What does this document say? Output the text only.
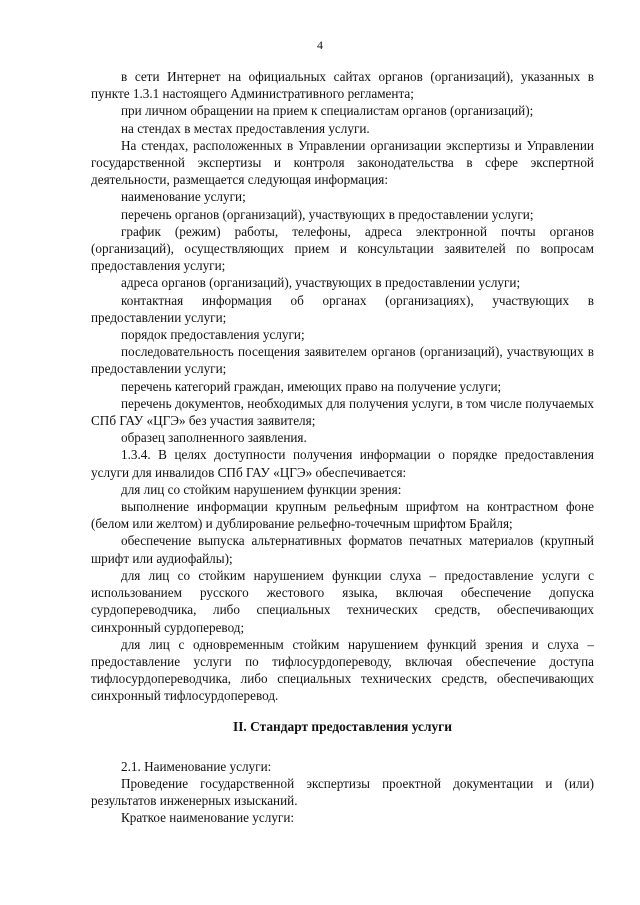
4

в сети Интернет на официальных сайтах органов (организаций), указанных в пункте 1.3.1 настоящего Административного регламента;

при личном обращении на прием к специалистам органов (организаций);

на стендах в местах предоставления услуги.

На стендах, расположенных в Управлении организации экспертизы и Управлении государственной экспертизы и контроля законодательства в сфере экспертной деятельности, размещается следующая информация:

наименование услуги;

перечень органов (организаций), участвующих в предоставлении услуги;

график (режим) работы, телефоны, адреса электронной почты органов (организаций), осуществляющих прием и консультации заявителей по вопросам предоставления услуги;

адреса органов (организаций), участвующих в предоставлении услуги;

контактная информация об органах (организациях), участвующих в предоставлении услуги;

порядок предоставления услуги;

последовательность посещения заявителем органов (организаций), участвующих в предоставлении услуги;

перечень категорий граждан, имеющих право на получение услуги;

перечень документов, необходимых для получения услуги, в том числе получаемых СПб ГАУ «ЦГЭ» без участия заявителя;

образец заполненного заявления.

1.3.4. В целях доступности получения информации о порядке предоставления услуги для инвалидов СПб ГАУ «ЦГЭ» обеспечивается:

для лиц со стойким нарушением функции зрения:

выполнение информации крупным рельефным шрифтом на контрастном фоне (белом или желтом) и дублирование рельефно-точечным шрифтом Брайля;

обеспечение выпуска альтернативных форматов печатных материалов (крупный шрифт или аудиофайлы);

для лиц со стойким нарушением функции слуха – предоставление услуги с использованием русского жестового языка, включая обеспечение допуска сурдопереводчика, либо специальных технических средств, обеспечивающих синхронный сурдоперевод;

для лиц с одновременным стойким нарушением функций зрения и слуха – предоставление услуги по тифлосурдопереводу, включая обеспечение доступа тифлосурдопереводчика, либо специальных технических средств, обеспечивающих синхронный тифлосурдоперевод.

II. Стандарт предоставления услуги

2.1. Наименование услуги:

Проведение государственной экспертизы проектной документации и (или) результатов инженерных изысканий.

Краткое наименование услуги:
